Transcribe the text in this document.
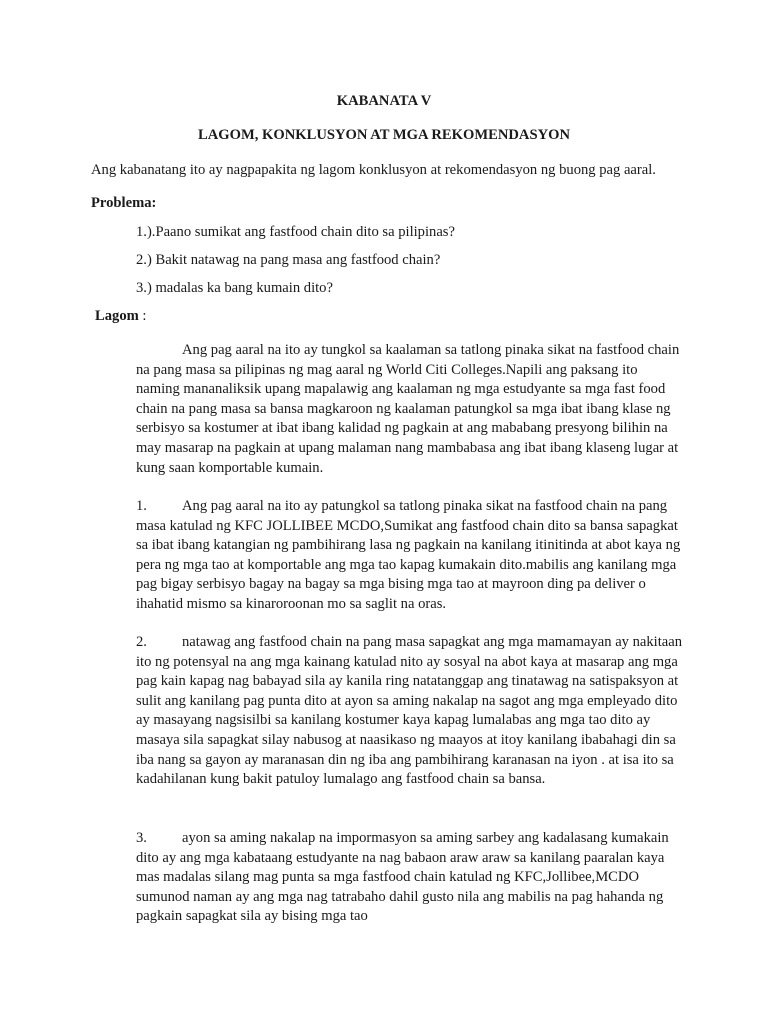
KABANATA V

LAGOM, KONKLUSYON AT MGA REKOMENDASYON

Ang kabanatang ito ay nagpapakita ng lagom konklusyon at rekomendasyon ng buong pag aaral.

Problema:

1.).Paano sumikat ang fastfood chain dito sa pilipinas?

2.) Bakit natawag na pang masa ang fastfood chain?

3.) madalas ka bang kumain dito?

Lagom :

Ang pag aaral na ito ay tungkol sa kaalaman sa tatlong pinaka sikat na fastfood chain na pang masa sa pilipinas ng mag aaral ng World Citi Colleges.Napili ang paksang ito naming mananaliksik upang mapalawig ang kaalaman ng mga estudyante sa mga fast food chain na pang masa sa bansa magkaroon ng kaalaman patungkol sa mga ibat ibang klase ng serbisyo sa kostumer at ibat ibang kalidad ng pagkain at ang mababang presyong bilihin na may masarap na pagkain at upang malaman nang mambabasa ang ibat ibang klaseng lugar at kung saan komportable kumain.

1. Ang pag aaral na ito ay patungkol sa tatlong pinaka sikat na fastfood chain na pang masa katulad ng KFC JOLLIBEE MCDO,Sumikat ang fastfood chain dito sa bansa sapagkat sa ibat ibang katangian ng pambihirang lasa ng pagkain na kanilang itinitinda at abot kaya ng pera ng mga tao at komportable ang mga tao kapag kumakain dito.mabilis ang kanilang mga pag bigay serbisyo bagay na bagay sa mga bising mga tao at mayroon ding pa deliver o ihahatid mismo sa kinaroroonan mo sa saglit na oras.

2. natawag ang fastfood chain na pang masa sapagkat ang mga mamamayan ay nakitaan ito ng potensyal na ang mga kainang katulad nito ay sosyal na abot kaya at masarap ang mga pag kain kapag nag babayad sila ay kanila ring natatanggap ang tinatawag na satispaksyon at sulit ang kanilang pag punta dito at ayon sa aming nakalap na sagot ang mga empleyado dito ay masayang nagsisilbi sa kanilang kostumer kaya kapag lumalabas ang mga tao dito ay masaya sila sapagkat silay nabusog at naasikaso ng maayos at itoy kanilang ibabahagi din sa iba nang sa gayon ay maranasan din ng iba ang pambihirang karanasan na iyon . at isa ito sa kadahilanan kung bakit patuloy lumalago ang fastfood chain sa bansa.

3. ayon sa aming nakalap na impormasyon sa aming sarbey ang kadalasang kumakain dito ay ang mga kabataang estudyante na nag babaon araw araw sa kanilang paaralan kaya mas madalas silang mag punta sa mga fastfood chain katulad ng KFC,Jollibee,MCDO sumunod naman ay ang mga nag tatrabaho dahil gusto nila ang mabilis na pag hahanda ng pagkain sapagkat sila ay bising mga tao
